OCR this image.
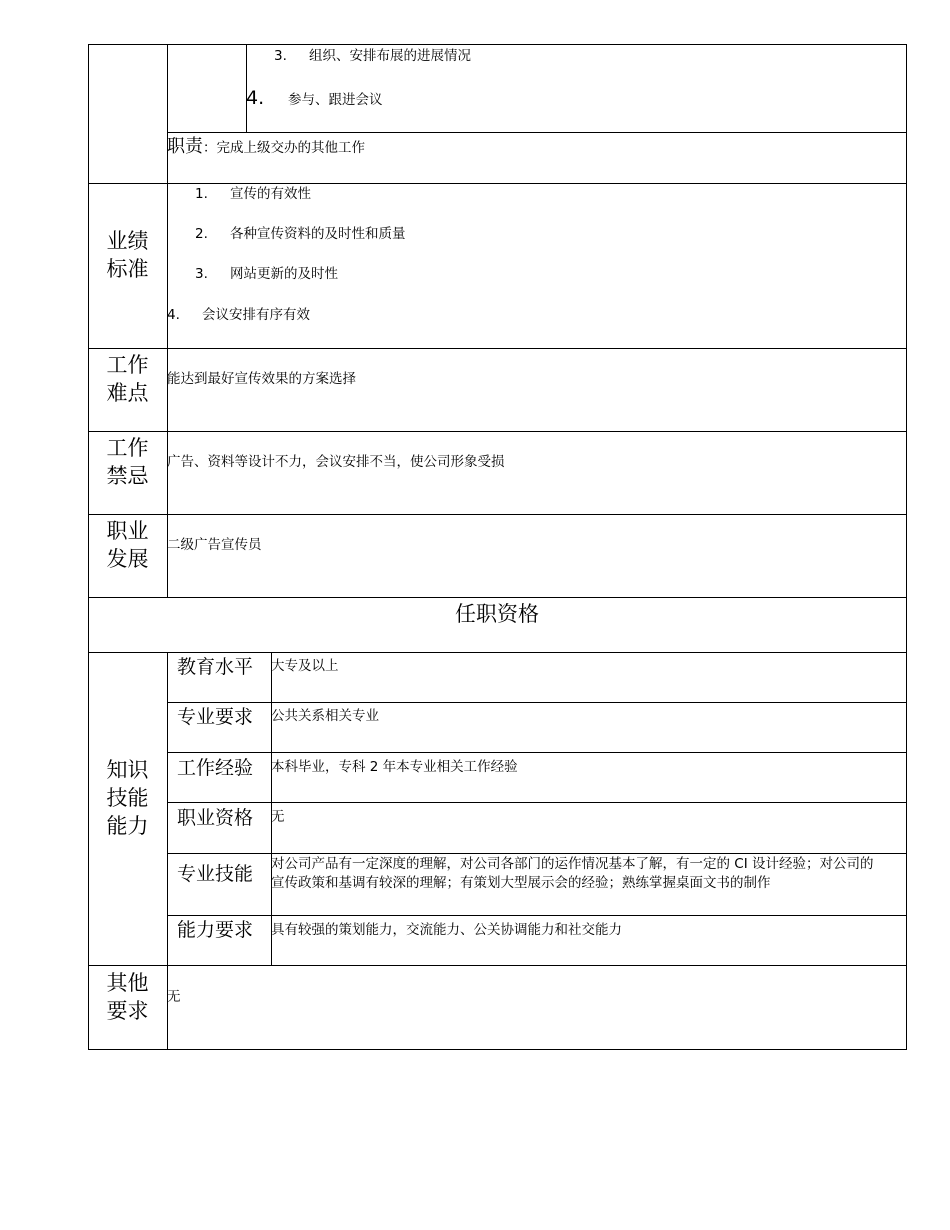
3. 组织、安排布展的进展情况
4. 参与、跟进会议
职责：完成上级交办的其他工作
业绩
标准
1. 宣传的有效性
2. 各种宣传资料的及时性和质量
3. 网站更新的及时性
4. 会议安排有序有效
工作
难点
能达到最好宣传效果的方案选择
工作
禁忌
广告、资料等设计不力，会议安排不当，使公司形象受损
职业
发展
二级广告宣传员
任职资格
知识
技能
能力
教育水平 大专及以上
专业要求 公共关系相关专业
工作经验 本科毕业，专科 2 年本专业相关工作经验
职业资格 无
专业技能 对公司产品有一定深度的理解，对公司各部门的运作情况基本了解，有一定的 CI 设计经验；对公司的
宣传政策和基调有较深的理解；有策划大型展示会的经验；熟练掌握桌面文书的制作
能力要求 具有较强的策划能力，交流能力、公关协调能力和社交能力
其他
要求
无
